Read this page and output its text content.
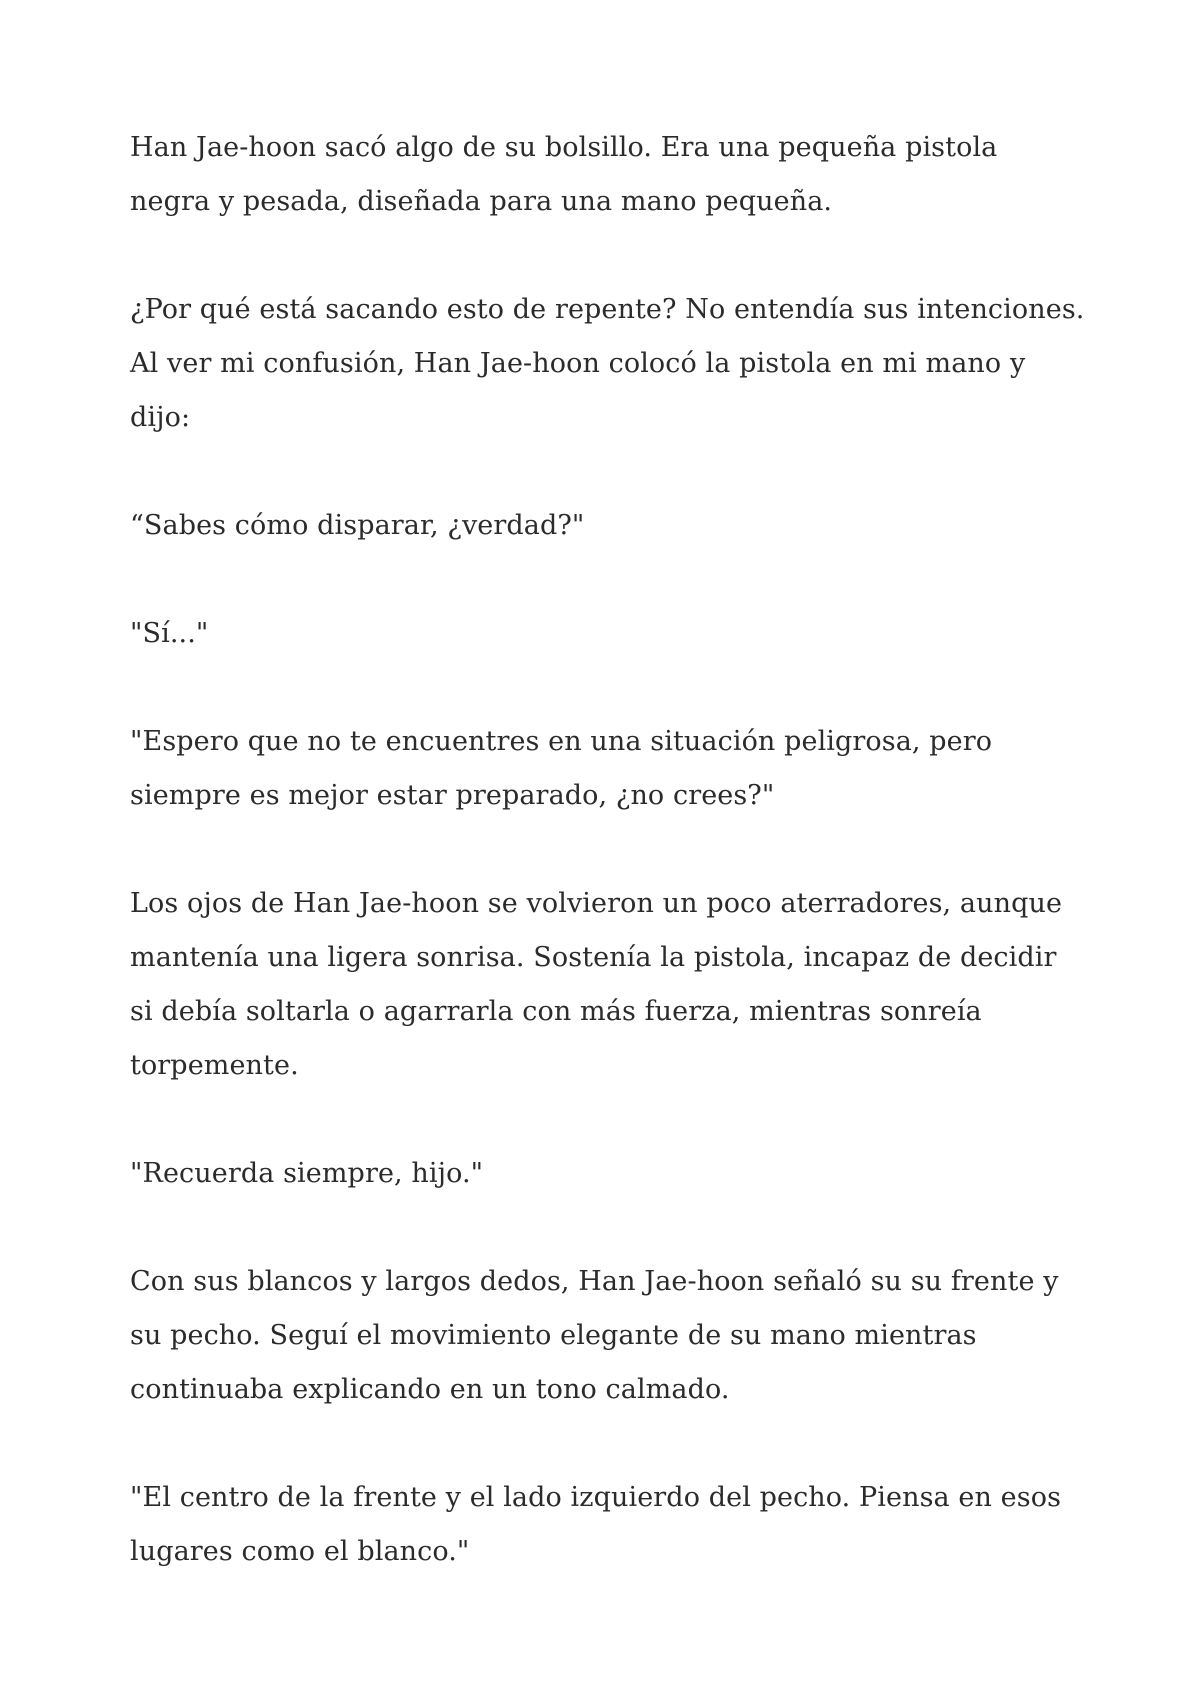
Han Jae-hoon sacó algo de su bolsillo. Era una pequeña pistola
negra y pesada, diseñada para una mano pequeña.

¿Por qué está sacando esto de repente? No entendía sus intenciones.
Al ver mi confusión, Han Jae-hoon colocó la pistola en mi mano y
dijo:

“Sabes cómo disparar, ¿verdad?"

"Sí..."

"Espero que no te encuentres en una situación peligrosa, pero
siempre es mejor estar preparado, ¿no crees?"

Los ojos de Han Jae-hoon se volvieron un poco aterradores, aunque
mantenía una ligera sonrisa. Sostenía la pistola, incapaz de decidir
si debía soltarla o agarrarla con más fuerza, mientras sonreía
torpemente.

"Recuerda siempre, hijo."

Con sus blancos y largos dedos, Han Jae-hoon señaló su su frente y
su pecho. Seguí el movimiento elegante de su mano mientras
continuaba explicando en un tono calmado.

"El centro de la frente y el lado izquierdo del pecho. Piensa en esos
lugares como el blanco."
